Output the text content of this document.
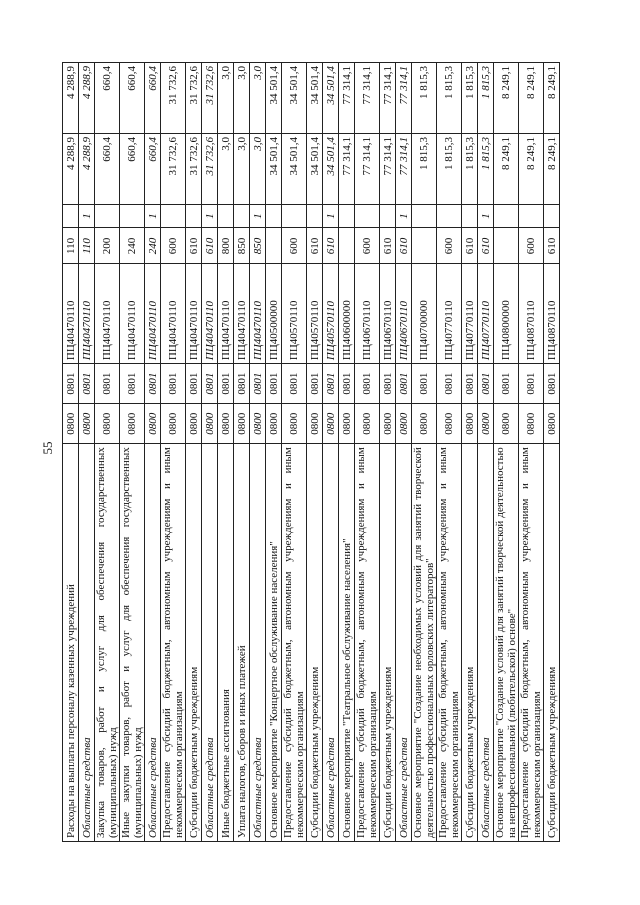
55
Расходы на выплаты персоналу казенных учреждений	0800	0801	ПЦ40470110	110		4 288,9	4 288,9
Областные средства	0800	0801	ПЦ40470110	110	1	4 288,9	4 288,9
Закупка товаров, работ и услуг для обеспечения государственных (муниципальных) нужд	0800	0801	ПЦ40470110	200		660,4	660,4
Иные закупки товаров, работ и услуг для обеспечения государственных (муниципальных) нужд	0800	0801	ПЦ40470110	240		660,4	660,4
Областные средства	0800	0801	ПЦ40470110	240	1	660,4	660,4
Предоставление субсидий бюджетным, автономным учреждениям и иным некоммерческим организациям	0800	0801	ПЦ40470110	600		31 732,6	31 732,6
Субсидии бюджетным учреждениям	0800	0801	ПЦ40470110	610		31 732,6	31 732,6
Областные средства	0800	0801	ПЦ40470110	610	1	31 732,6	31 732,6
Иные бюджетные ассигнования	0800	0801	ПЦ40470110	800		3,0	3,0
Уплата налогов, сборов и иных платежей	0800	0801	ПЦ40470110	850		3,0	3,0
Областные средства	0800	0801	ПЦ40470110	850	1	3,0	3,0
Основное мероприятие "Концертное обслуживание населения"	0800	0801	ПЦ40500000			34 501,4	34 501,4
Предоставление субсидий бюджетным, автономным учреждениям и иным некоммерческим организациям	0800	0801	ПЦ40570110	600		34 501,4	34 501,4
Субсидии бюджетным учреждениям	0800	0801	ПЦ40570110	610		34 501,4	34 501,4
Областные средства	0800	0801	ПЦ40570110	610	1	34 501,4	34 501,4
Основное мероприятие "Театральное обслуживание населения"	0800	0801	ПЦ40600000			77 314,1	77 314,1
Предоставление субсидий бюджетным, автономным учреждениям и иным некоммерческим организациям	0800	0801	ПЦ40670110	600		77 314,1	77 314,1
Субсидии бюджетным учреждениям	0800	0801	ПЦ40670110	610		77 314,1	77 314,1
Областные средства	0800	0801	ПЦ40670110	610	1	77 314,1	77 314,1
Основное мероприятие "Создание необходимых условий для занятий творческой деятельностью профессиональных орловских литераторов"	0800	0801	ПЦ40700000			1 815,3	1 815,3
Предоставление субсидий бюджетным, автономным учреждениям и иным некоммерческим организациям	0800	0801	ПЦ40770110	600		1 815,3	1 815,3
Субсидии бюджетным учреждениям	0800	0801	ПЦ40770110	610		1 815,3	1 815,3
Областные средства	0800	0801	ПЦ40770110	610	1	1 815,3	1 815,3
Основное мероприятие "Создание условий для занятий творческой деятельностью на непрофессиональной (любительской) основе"	0800	0801	ПЦ40800000			8 249,1	8 249,1
Предоставление субсидий бюджетным, автономным учреждениям и иным некоммерческим организациям	0800	0801	ПЦ40870110	600		8 249,1	8 249,1
Субсидии бюджетным учреждениям	0800	0801	ПЦ40870110	610		8 249,1	8 249,1
